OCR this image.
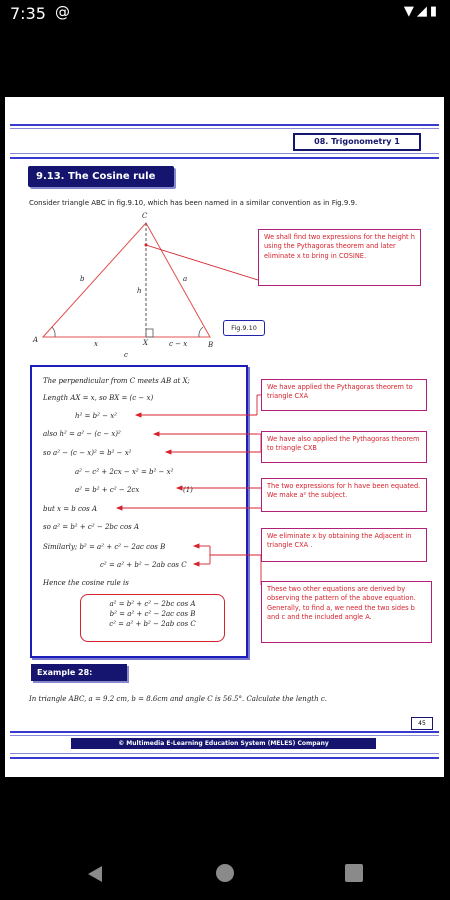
7:35 @	▼◢▮
08. Trigonometry 1
9.13. The Cosine rule
Consider triangle ABC in fig.9.10, which has been named in a similar convention as in Fig.9.9.
C
A
B
X
b	a
h
x	c − x
c
Fig.9.10
We shall find two expressions for the height h using the Pythagoras theorem and later eliminate x to bring in COSINE.
The perpendicular from C meets AB at X;
Length AX = x, so BX = (c − x)
h² = b² − x²
also h² = a² − (c − x)²
so a² − (c − x)² = b² − x²
a² − c² + 2cx − x² = b² − x²
a² = b² + c² − 2cx	(1)
but x = b cos A
so a² = b² + c² − 2bc cos A
Similarly; b² = a² + c² − 2ac cos B
c² = a² + b² − 2ab cos C
Hence the cosine rule is
a² = b² + c² − 2bc cos A
b² = a² + c² − 2ac cos B
c² = a² + b² − 2ab cos C
We have applied the Pythagoras theorem to triangle CXA
We have also applied the Pythagoras theorem to triangle CXB
The two expressions for h have been equated. We make a² the subject.
We eliminate x by obtaining the Adjacent in triangle CXA .
These two other equations are derived by observing the pattern of the above equation. Generally, to find a, we need the two sides b and c and the included angle A.
Example 28:
In triangle ABC, a = 9.2 cm, b = 8.6cm and angle C is 56.5°. Calculate the length c.
45
© Multimedia E-Learning Education System (MELES) Company
